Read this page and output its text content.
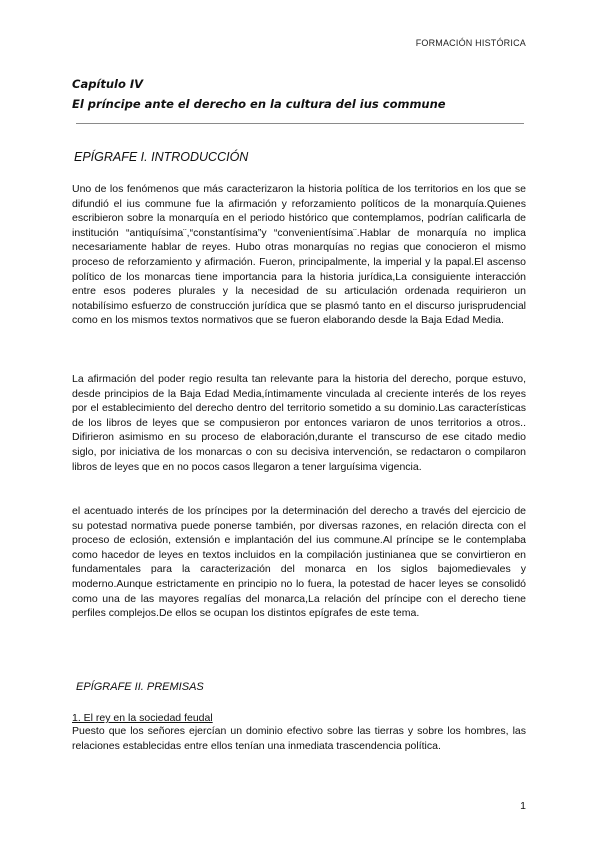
FORMACIÓN HISTÓRICA

Capítulo IV

El príncipe ante el derecho en la cultura del ius commune

EPÍGRAFE I. INTRODUCCIÓN

Uno de los fenómenos que más caracterizaron la historia política de los territorios en los que se difundió el ius commune fue la afirmación y reforzamiento políticos de la monarquía.Quienes escribieron sobre la monarquía en el periodo histórico que contemplamos, podrían calificarla de institución “antiquísima¨,“constantísima”y “convenientísima¨.Hablar de monarquía no implica necesariamente hablar de reyes. Hubo otras monarquías no regias que conocieron el mismo proceso de reforzamiento y afirmación. Fueron, principalmente, la imperial y la papal.El ascenso político de los monarcas tiene importancia para la historia jurídica,La consiguiente interacción entre esos poderes plurales y la necesidad de su articulación ordenada requirieron un notabilísimo esfuerzo de construcción jurídica que se plasmó tanto en el discurso jurisprudencial como en los mismos textos normativos que se fueron elaborando desde la Baja Edad Media.

La afirmación del poder regio resulta tan relevante para la historia del derecho, porque estuvo, desde principios de la Baja Edad Media,íntimamente vinculada al creciente interés de los reyes por el establecimiento del derecho dentro del territorio sometido a su dominio.Las características de los libros de leyes que se compusieron por entonces variaron de unos territorios a otros.. Difirieron asimismo en su proceso de elaboración,durante el transcurso de ese citado medio siglo, por iniciativa de los monarcas o con su decisiva intervención, se redactaron o compilaron libros de leyes que en no pocos casos llegaron a tener larguísima vigencia.

el acentuado interés de los príncipes por la determinación del derecho a través del ejercicio de su potestad normativa puede ponerse también, por diversas razones, en relación directa con el proceso de eclosión, extensión e implantación del ius commune.Al príncipe se le contemplaba como hacedor de leyes en textos incluidos en la compilación justinianea que se convirtieron en fundamentales para la caracterización del monarca en los siglos bajomedievales y moderno.Aunque estrictamente en principio no lo fuera, la potestad de hacer leyes se consolidó como una de las mayores regalías del monarca,La relación del príncipe con el derecho tiene perfiles complejos.De ellos se ocupan los distintos epígrafes de este tema.

EPÍGRAFE II. PREMISAS

1. El rey en la sociedad feudal

Puesto que los señores ejercían un dominio efectivo sobre las tierras y sobre los hombres, las relaciones establecidas entre ellos tenían una inmediata trascendencia política.

1
